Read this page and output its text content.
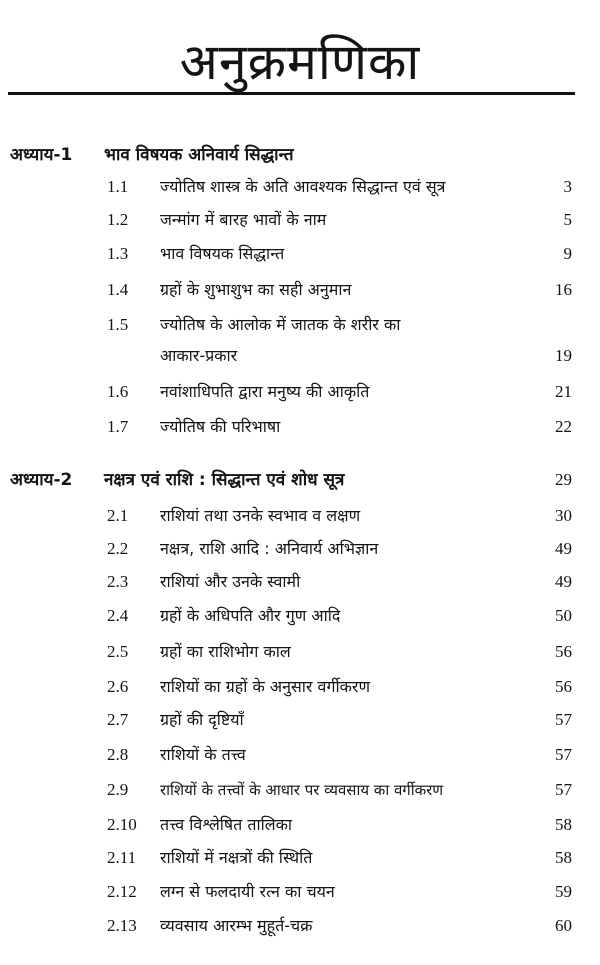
अनुक्रमणिका
अध्याय-1 भाव विषयक अनिवार्य सिद्धान्त
1.1 ज्योतिष शास्त्र के अति आवश्यक सिद्धान्त एवं सूत्र	3
1.2 जन्मांग में बारह भावों के नाम	5
1.3 भाव विषयक सिद्धान्त	9
1.4 ग्रहों के शुभाशुभ का सही अनुमान	16
1.5 ज्योतिष के आलोक में जातक के शरीर का
आकार-प्रकार	19
1.6 नवांशाधिपति द्वारा मनुष्य की आकृति	21
1.7 ज्योतिष की परिभाषा	22
अध्याय-2 नक्षत्र एवं राशि : सिद्धान्त एवं शोध सूत्र	29
2.1 राशियां तथा उनके स्वभाव व लक्षण	30
2.2 नक्षत्र, राशि आदि : अनिवार्य अभिज्ञान	49
2.3 राशियां और उनके स्वामी	49
2.4 ग्रहों के अधिपति और गुण आदि	50
2.5 ग्रहों का राशिभोग काल	56
2.6 राशियों का ग्रहों के अनुसार वर्गीकरण	56
2.7 ग्रहों की दृष्टियाँ	57
2.8 राशियों के तत्त्व	57
2.9 राशियों के तत्त्वों के आधार पर व्यवसाय का वर्गीकरण	57
2.10 तत्त्व विश्लेषित तालिका	58
2.11 राशियों में नक्षत्रों की स्थिति	58
2.12 लग्न से फलदायी रत्न का चयन	59
2.13 व्यवसाय आरम्भ मुहूर्त-चक्र	60
